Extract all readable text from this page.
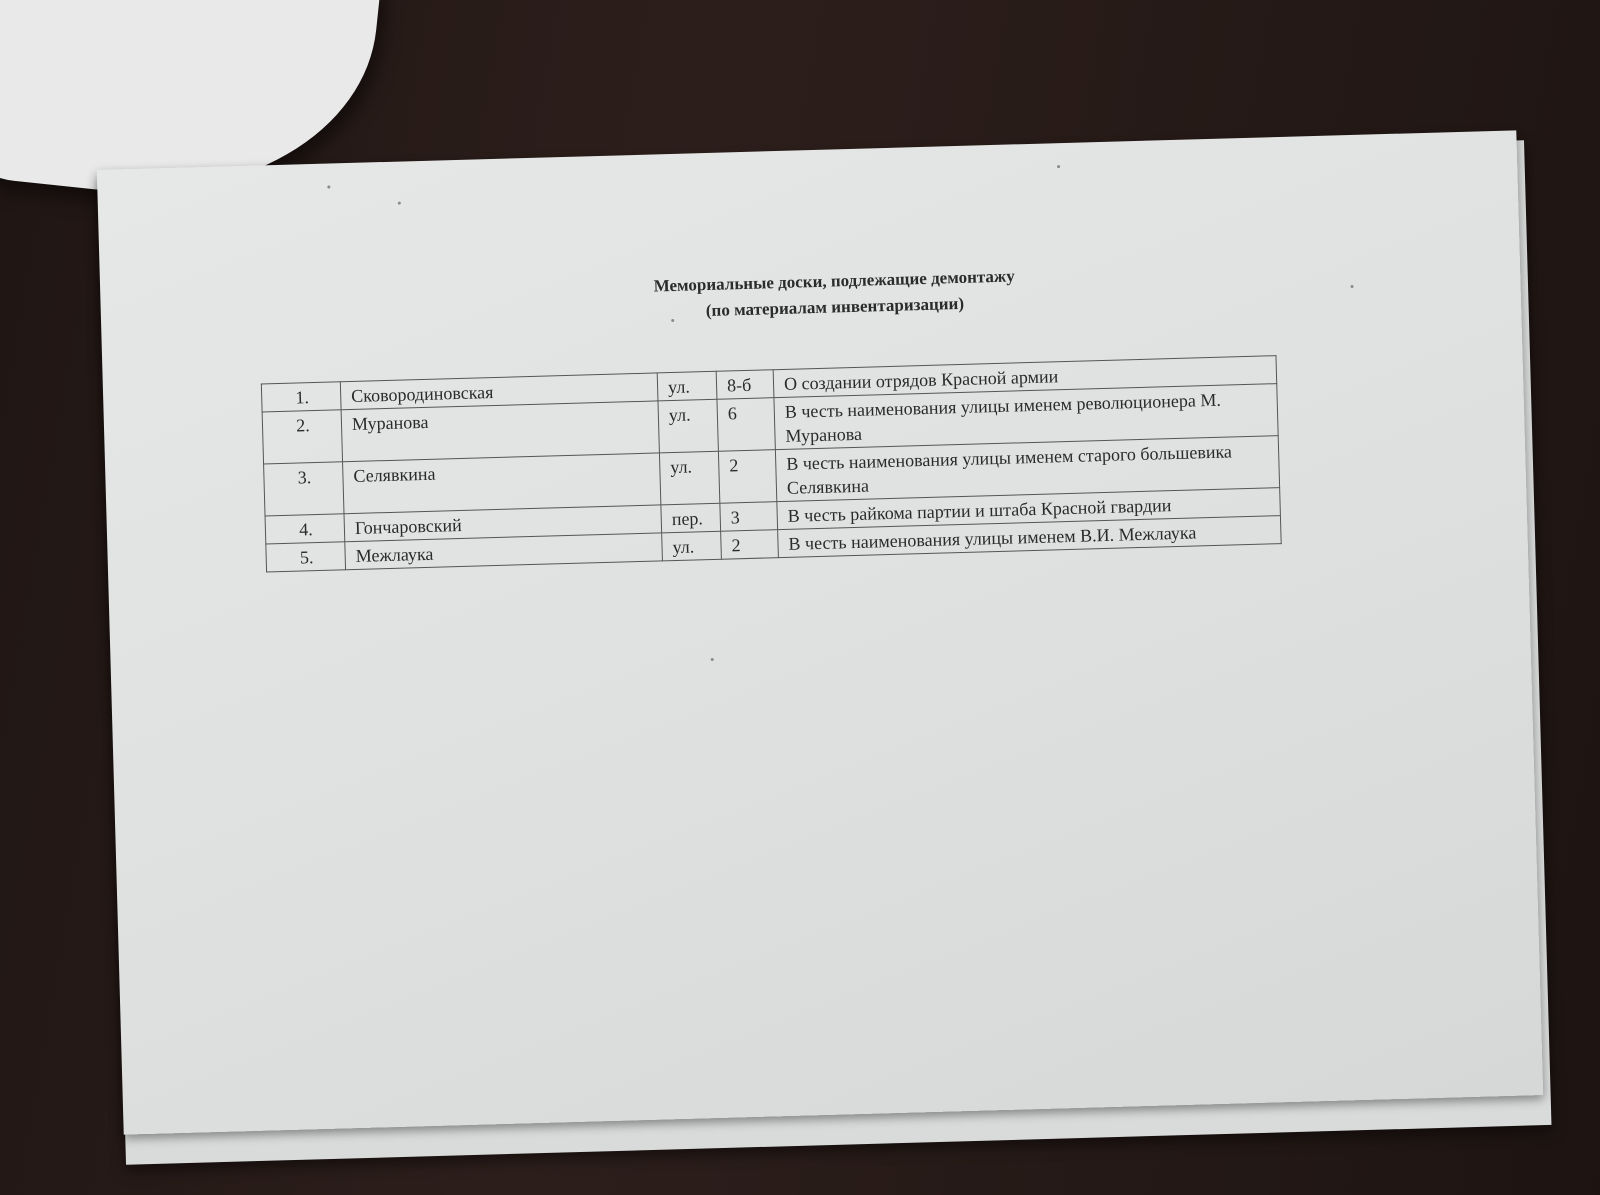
Мемориальные доски, подлежащие демонтажу
(по материалам инвентаризации)
1.	Сковородиновская	ул.	8-б	О создании отрядов Красной армии
2.	Муранова	ул.	6	В честь наименования улицы именем революционера М. Муранова
3.	Селявкина	ул.	2	В честь наименования улицы именем старого большевика Селявкина
4.	Гончаровский	пер.	3	В честь райкома партии и штаба Красной гвардии
5.	Межлаука	ул.	2	В честь наименования улицы именем В.И. Межлаука
